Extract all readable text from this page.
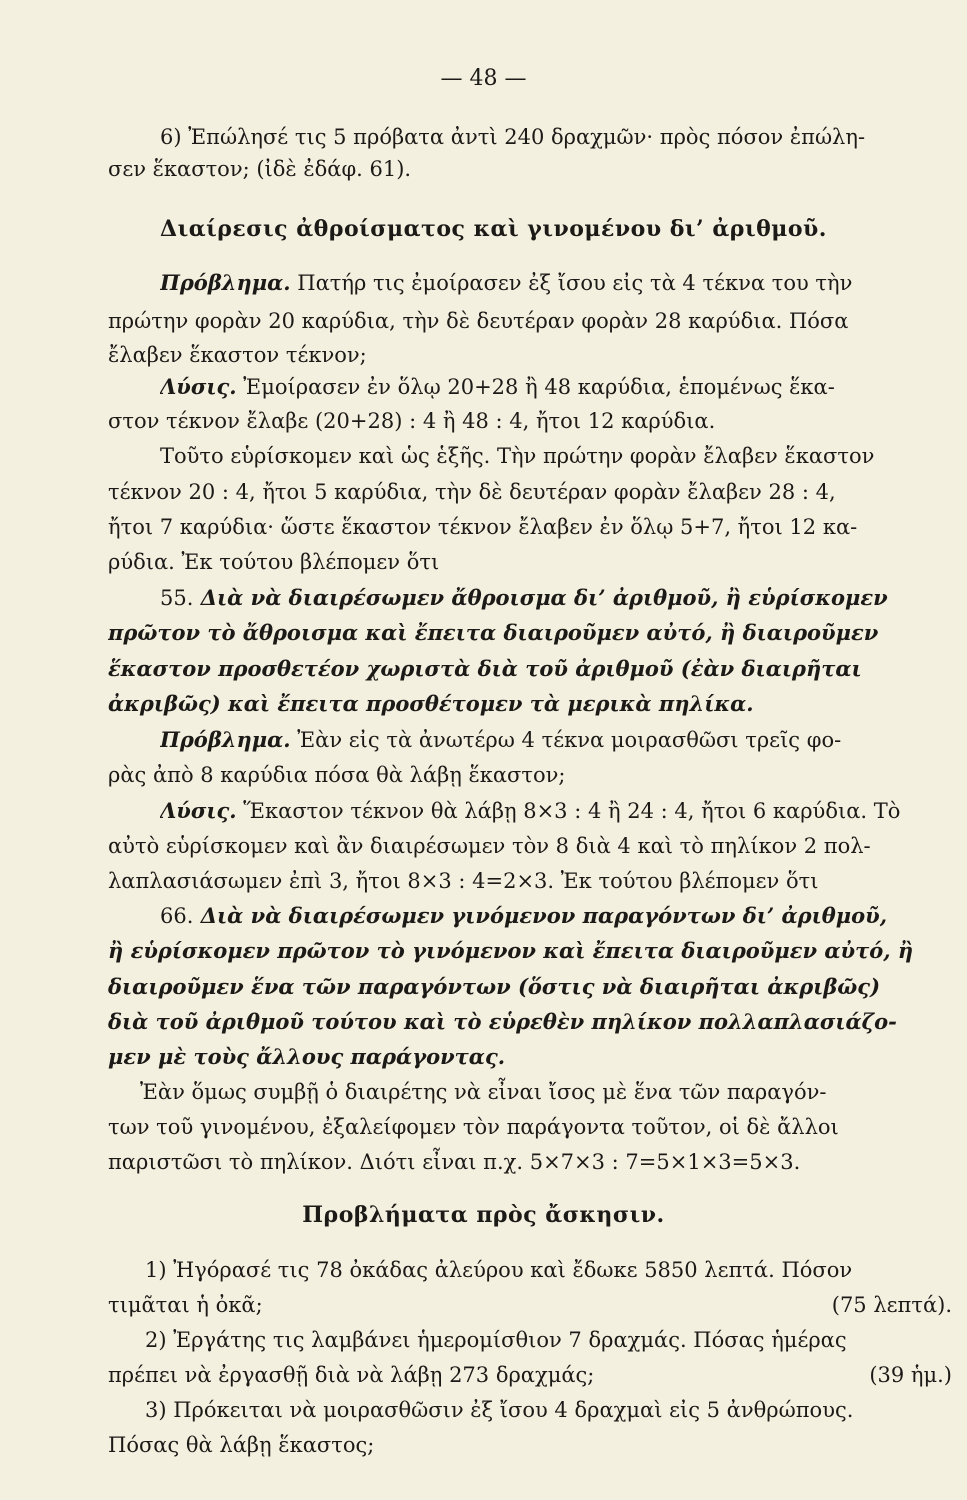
— 48 —
6) Ἐπώλησέ τις 5 πρόβατα ἀντὶ 240 δραχμῶν· πρὸς πόσον ἐπώλη-
σεν ἕκαστον; (ἰδὲ ἐδάφ. 61).
Διαίρεσις ἀθροίσματος καὶ γινομένου δι’ ἀριθμοῦ.
Πρόβλημα. Πατήρ τις ἐμοίρασεν ἐξ ἴσου εἰς τὰ 4 τέκνα του τὴν
πρώτην φορὰν 20 καρύδια, τὴν δὲ δευτέραν φορὰν 28 καρύδια. Πόσα
ἔλαβεν ἕκαστον τέκνον;
Λύσις. Ἐμοίρασεν ἐν ὅλῳ 20+28 ἢ 48 καρύδια, ἑπομένως ἕκα-
στον τέκνον ἔλαβε (20+28) : 4 ἢ 48 : 4, ἤτοι 12 καρύδια.
Τοῦτο εὑρίσκομεν καὶ ὡς ἑξῆς. Τὴν πρώτην φορὰν ἔλαβεν ἕκαστον
τέκνον 20 : 4, ἤτοι 5 καρύδια, τὴν δὲ δευτέραν φορὰν ἔλαβεν 28 : 4,
ἤτοι 7 καρύδια· ὥστε ἕκαστον τέκνον ἔλαβεν ἐν ὅλῳ 5+7, ἤτοι 12 κα-
ρύδια. Ἐκ τούτου βλέπομεν ὅτι
55. Διὰ νὰ διαιρέσωμεν ἄθροισμα δι’ ἀριθμοῦ, ἢ εὑρίσκομεν
πρῶτον τὸ ἄθροισμα καὶ ἔπειτα διαιροῦμεν αὐτό, ἢ διαιροῦμεν
ἕκαστον προσθετέον χωριστὰ διὰ τοῦ ἀριθμοῦ (ἐὰν διαιρῆται
ἀκριβῶς) καὶ ἔπειτα προσθέτομεν τὰ μερικὰ πηλίκα.
Πρόβλημα. Ἐὰν εἰς τὰ ἀνωτέρω 4 τέκνα μοιρασθῶσι τρεῖς φο-
ρὰς ἀπὸ 8 καρύδια πόσα θὰ λάβῃ ἕκαστον;
Λύσις. Ἕκαστον τέκνον θὰ λάβῃ 8×3 : 4 ἢ 24 : 4, ἤτοι 6 καρύδια. Τὸ
αὐτὸ εὑρίσκομεν καὶ ἂν διαιρέσωμεν τὸν 8 διὰ 4 καὶ τὸ πηλίκον 2 πολ-
λαπλασιάσωμεν ἐπὶ 3, ἤτοι 8×3 : 4=2×3. Ἐκ τούτου βλέπομεν ὅτι
66. Διὰ νὰ διαιρέσωμεν γινόμενον παραγόντων δι’ ἀριθμοῦ,
ἢ εὑρίσκομεν πρῶτον τὸ γινόμενον καὶ ἔπειτα διαιροῦμεν αὐτό, ἢ
διαιροῦμεν ἕνα τῶν παραγόντων (ὅστις νὰ διαιρῆται ἀκριβῶς)
διὰ τοῦ ἀριθμοῦ τούτου καὶ τὸ εὑρεθὲν πηλίκον πολλαπλασιάζο-
μεν μὲ τοὺς ἄλλους παράγοντας.
Ἐὰν ὅμως συμβῇ ὁ διαιρέτης νὰ εἶναι ἴσος μὲ ἕνα τῶν παραγόν-
των τοῦ γινομένου, ἐξαλείφομεν τὸν παράγοντα τοῦτον, οἱ δὲ ἄλλοι
παριστῶσι τὸ πηλίκον. Διότι εἶναι π.χ. 5×7×3 : 7=5×1×3=5×3.
Προβλήματα πρὸς ἄσκησιν.
1) Ἠγόρασέ τις 78 ὀκάδας ἀλεύρου καὶ ἔδωκε 5850 λεπτά. Πόσον
τιμᾶται ἡ ὀκᾶ;	(75 λεπτά).
2) Ἐργάτης τις λαμβάνει ἡμερομίσθιον 7 δραχμάς. Πόσας ἡμέρας
πρέπει νὰ ἐργασθῇ διὰ νὰ λάβῃ 273 δραχμάς;	(39 ἡμ.)
3) Πρόκειται νὰ μοιρασθῶσιν ἐξ ἴσου 4 δραχμαὶ εἰς 5 ἀνθρώπους.
Πόσας θὰ λάβῃ ἕκαστος;
